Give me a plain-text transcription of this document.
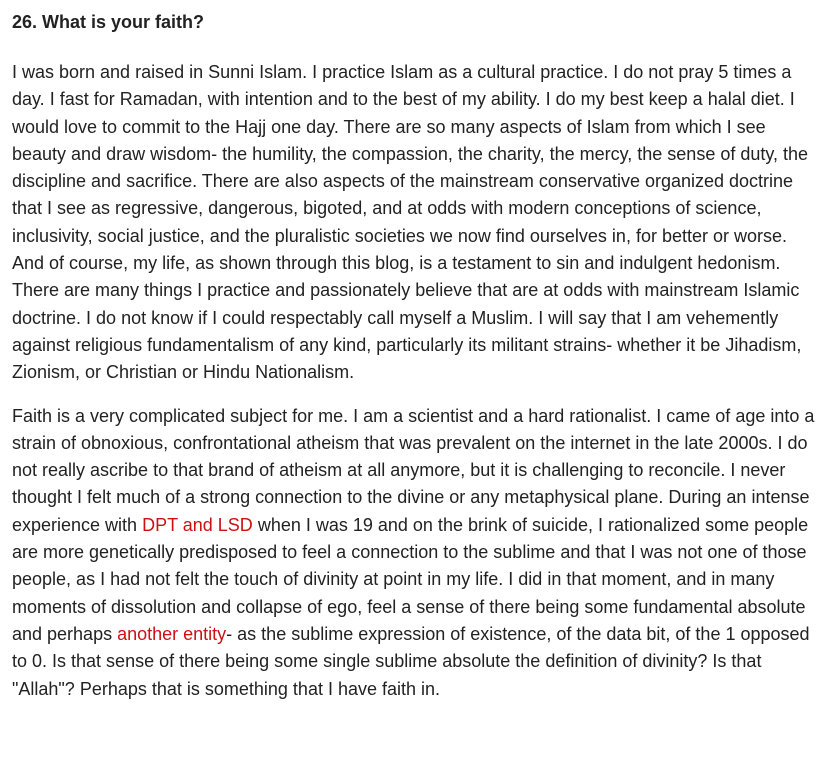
26. What is your faith?

I was born and raised in Sunni Islam. I practice Islam as a cultural practice. I do not pray 5 times a day. I fast for Ramadan, with intention and to the best of my ability. I do my best keep a halal diet. I would love to commit to the Hajj one day. There are so many aspects of Islam from which I see beauty and draw wisdom- the humility, the compassion, the charity, the mercy, the sense of duty, the discipline and sacrifice. There are also aspects of the mainstream conservative organized doctrine that I see as regressive, dangerous, bigoted, and at odds with modern conceptions of science, inclusivity, social justice, and the pluralistic societies we now find ourselves in, for better or worse. And of course, my life, as shown through this blog, is a testament to sin and indulgent hedonism. There are many things I practice and passionately believe that are at odds with mainstream Islamic doctrine. I do not know if I could respectably call myself a Muslim. I will say that I am vehemently against religious fundamentalism of any kind, particularly its militant strains- whether it be Jihadism, Zionism, or Christian or Hindu Nationalism.

Faith is a very complicated subject for me. I am a scientist and a hard rationalist. I came of age into a strain of obnoxious, confrontational atheism that was prevalent on the internet in the late 2000s. I do not really ascribe to that brand of atheism at all anymore, but it is challenging to reconcile. I never thought I felt much of a strong connection to the divine or any metaphysical plane. During an intense experience with DPT and LSD when I was 19 and on the brink of suicide, I rationalized some people are more genetically predisposed to feel a connection to the sublime and that I was not one of those people, as I had not felt the touch of divinity at point in my life. I did in that moment, and in many moments of dissolution and collapse of ego, feel a sense of there being some fundamental absolute and perhaps another entity- as the sublime expression of existence, of the data bit, of the 1 opposed to 0. Is that sense of there being some single sublime absolute the definition of divinity? Is that "Allah"? Perhaps that is something that I have faith in.
